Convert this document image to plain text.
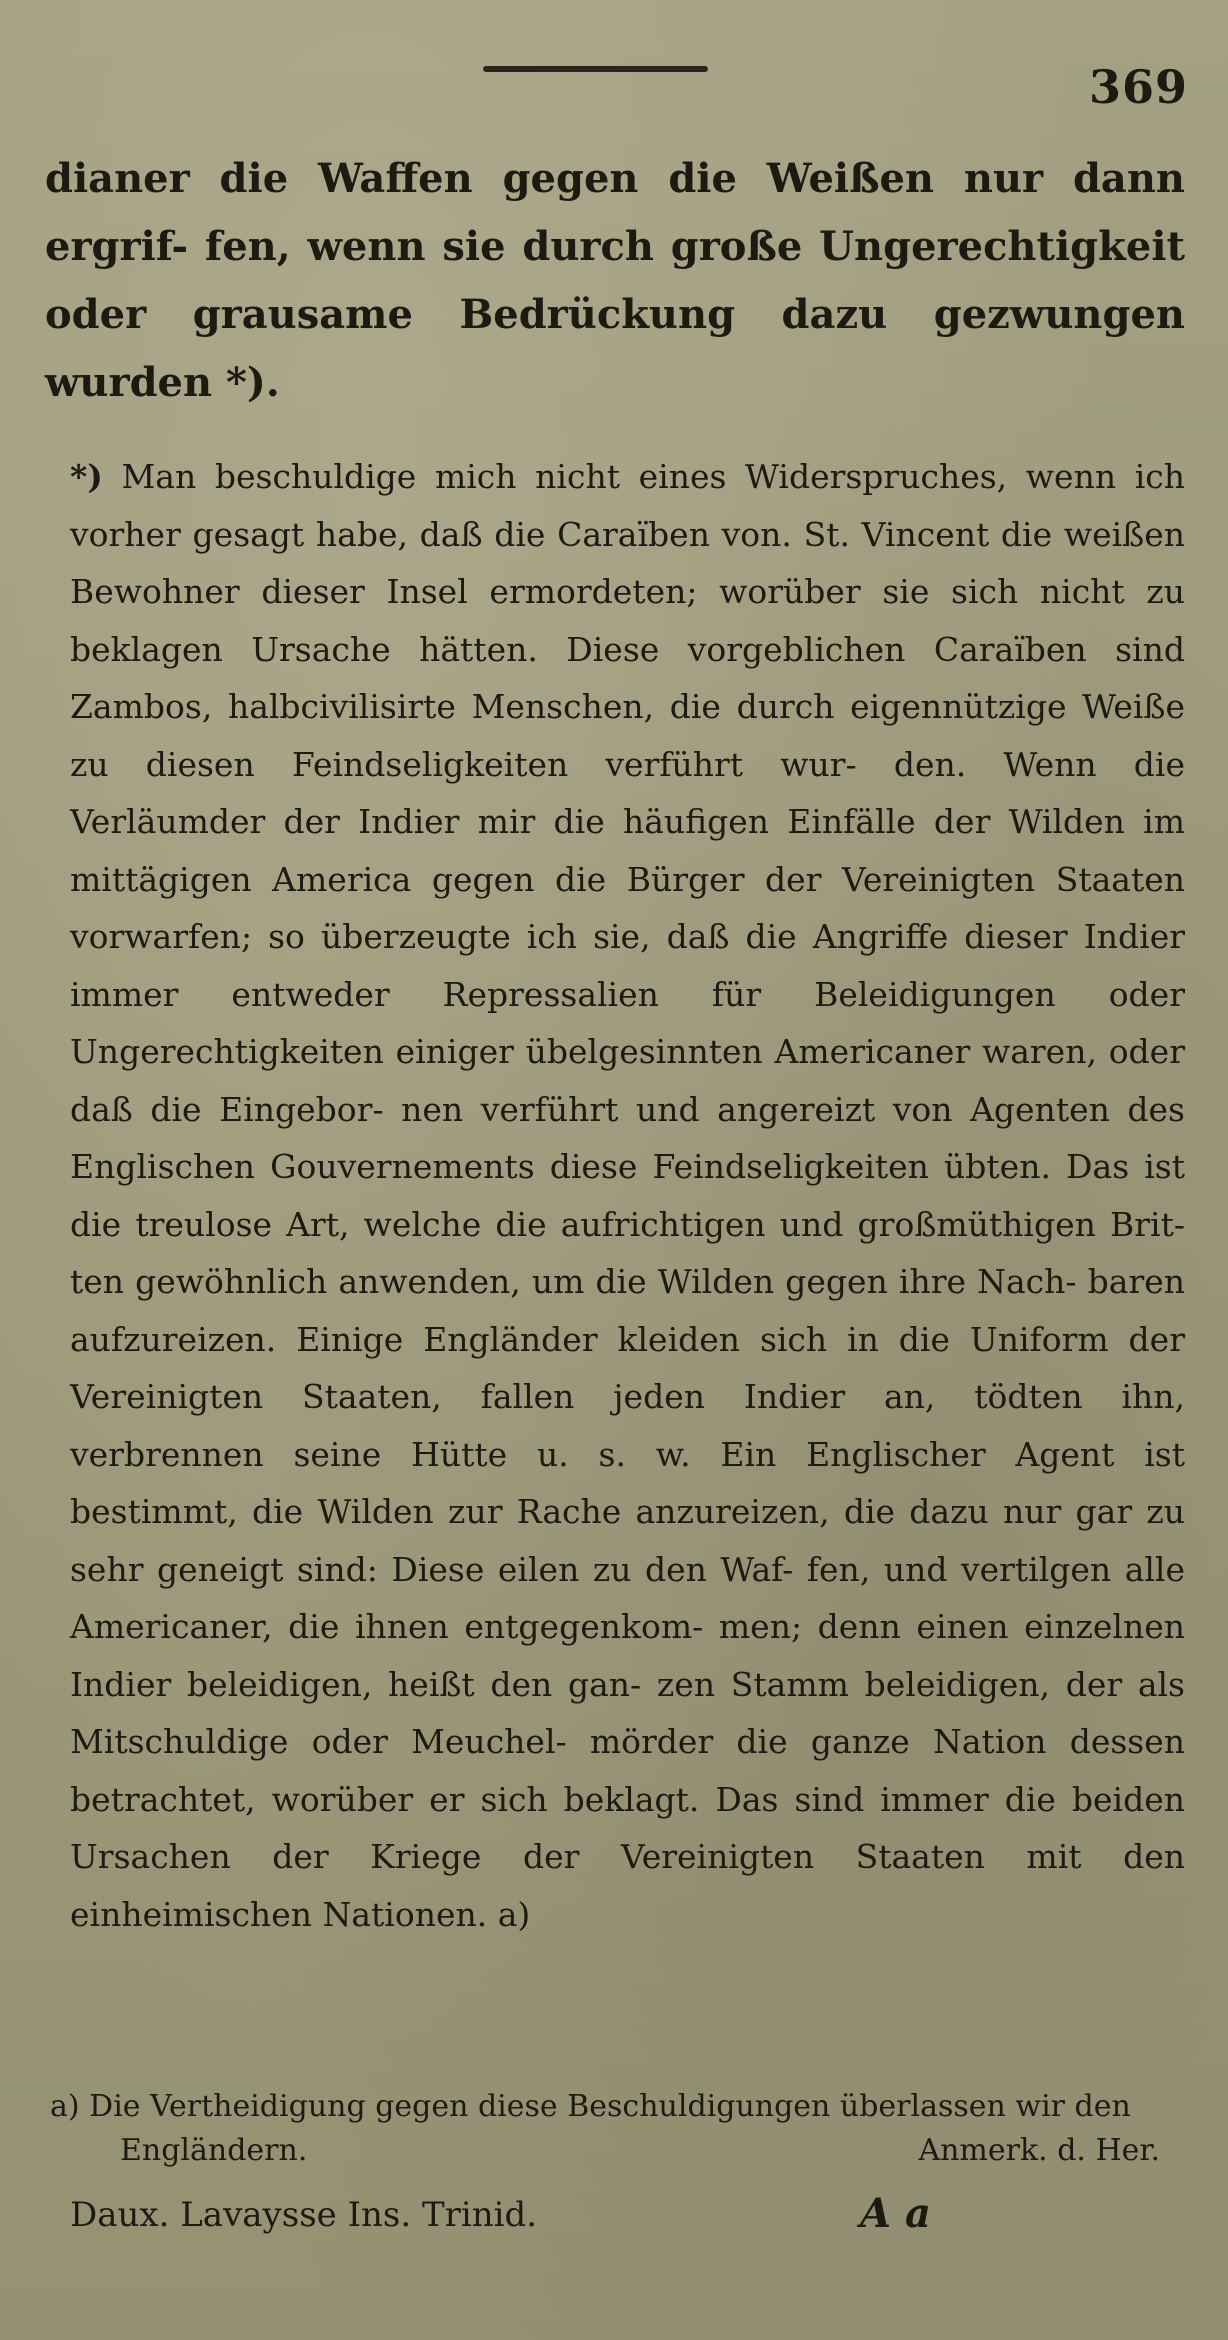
369
dianer die Waffen gegen die Weißen nur dann ergrif- fen, wenn sie durch große Ungerechtigkeit oder grausame Bedrückung dazu gezwungen wurden *).
*) Man beschuldige mich nicht eines Widerspruches, wenn ich vorher gesagt habe, daß die Caraïben von. St. Vincent die weißen Bewohner dieser Insel ermordeten; worüber sie sich nicht zu beklagen Ursache hätten. Diese vorgeblichen Caraïben sind Zambos, halbcivilisirte Menschen, die durch eigennützige Weiße zu diesen Feindseligkeiten verführt wur- den. Wenn die Verläumder der Indier mir die häufigen Einfälle der Wilden im mittägigen America gegen die Bürger der Vereinigten Staaten vorwarfen; so überzeugte ich sie, daß die Angriffe dieser Indier immer entweder Repressalien für Beleidigungen oder Ungerechtigkeiten einiger übelgesinnten Americaner waren, oder daß die Eingebor- nen verführt und angereizt von Agenten des Englischen Gouvernements diese Feindseligkeiten übten. Das ist die treulose Art, welche die aufrichtigen und großmüthigen Brit- ten gewöhnlich anwenden, um die Wilden gegen ihre Nach- baren aufzureizen. Einige Engländer kleiden sich in die Uniform der Vereinigten Staaten, fallen jeden Indier an, tödten ihn, verbrennen seine Hütte u. s. w. Ein Englischer Agent ist bestimmt, die Wilden zur Rache anzureizen, die dazu nur gar zu sehr geneigt sind: Diese eilen zu den Waf- fen, und vertilgen alle Americaner, die ihnen entgegenkom- men; denn einen einzelnen Indier beleidigen, heißt den gan- zen Stamm beleidigen, der als Mitschuldige oder Meuchel- mörder die ganze Nation dessen betrachtet, worüber er sich beklagt. Das sind immer die beiden Ursachen der Kriege der Vereinigten Staaten mit den einheimischen Nationen. a)
a) Die Vertheidigung gegen diese Beschuldigungen überlassen wir den
Engländern.	Anmerk. d. Her.
Daux. Lavaysse Ins. Trinid.	A a
